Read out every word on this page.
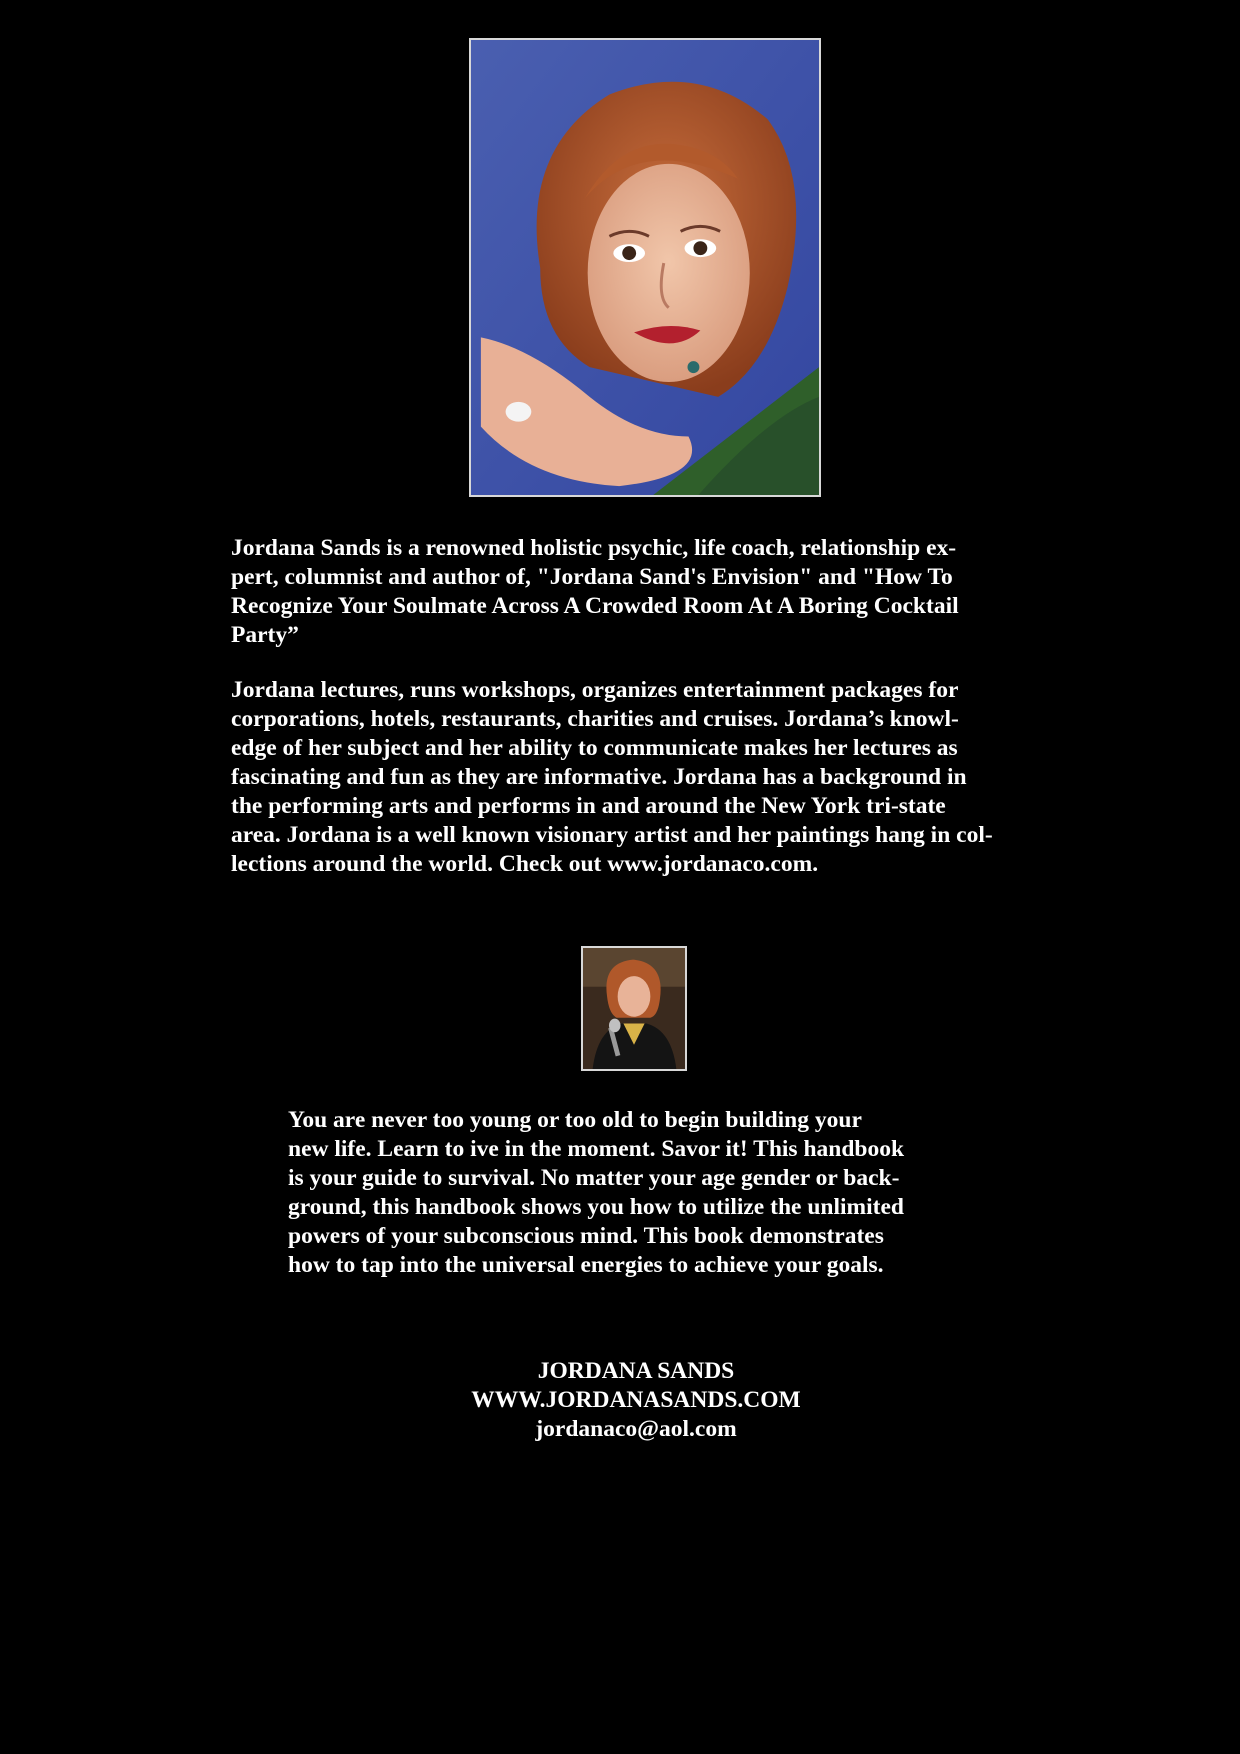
Jordana Sands is a renowned holistic psychic, life coach, relationship ex-
pert, columnist and author of, "Jordana Sand's Envision" and "How To
Recognize Your Soulmate Across A Crowded Room At A Boring Cocktail
Party”

Jordana lectures, runs workshops, organizes entertainment packages for
corporations, hotels, restaurants, charities and cruises. Jordana’s knowl-
edge of her subject and her ability to communicate makes her lectures as
fascinating and fun as they are informative. Jordana has a background in
the performing arts and performs in and around the New York tri-state
area. Jordana is a well known visionary artist and her paintings hang in col-
lections around the world. Check out www.jordanaco.com.

You are never too young or too old to begin building your
new life. Learn to ive in the moment. Savor it! This handbook
is your guide to survival. No matter your age gender or back-
ground, this handbook shows you how to utilize the unlimited
powers of your subconscious mind. This book demonstrates
how to tap into the universal energies to achieve your goals.

JORDANA SANDS
WWW.JORDANASANDS.COM
jordanaco@aol.com
